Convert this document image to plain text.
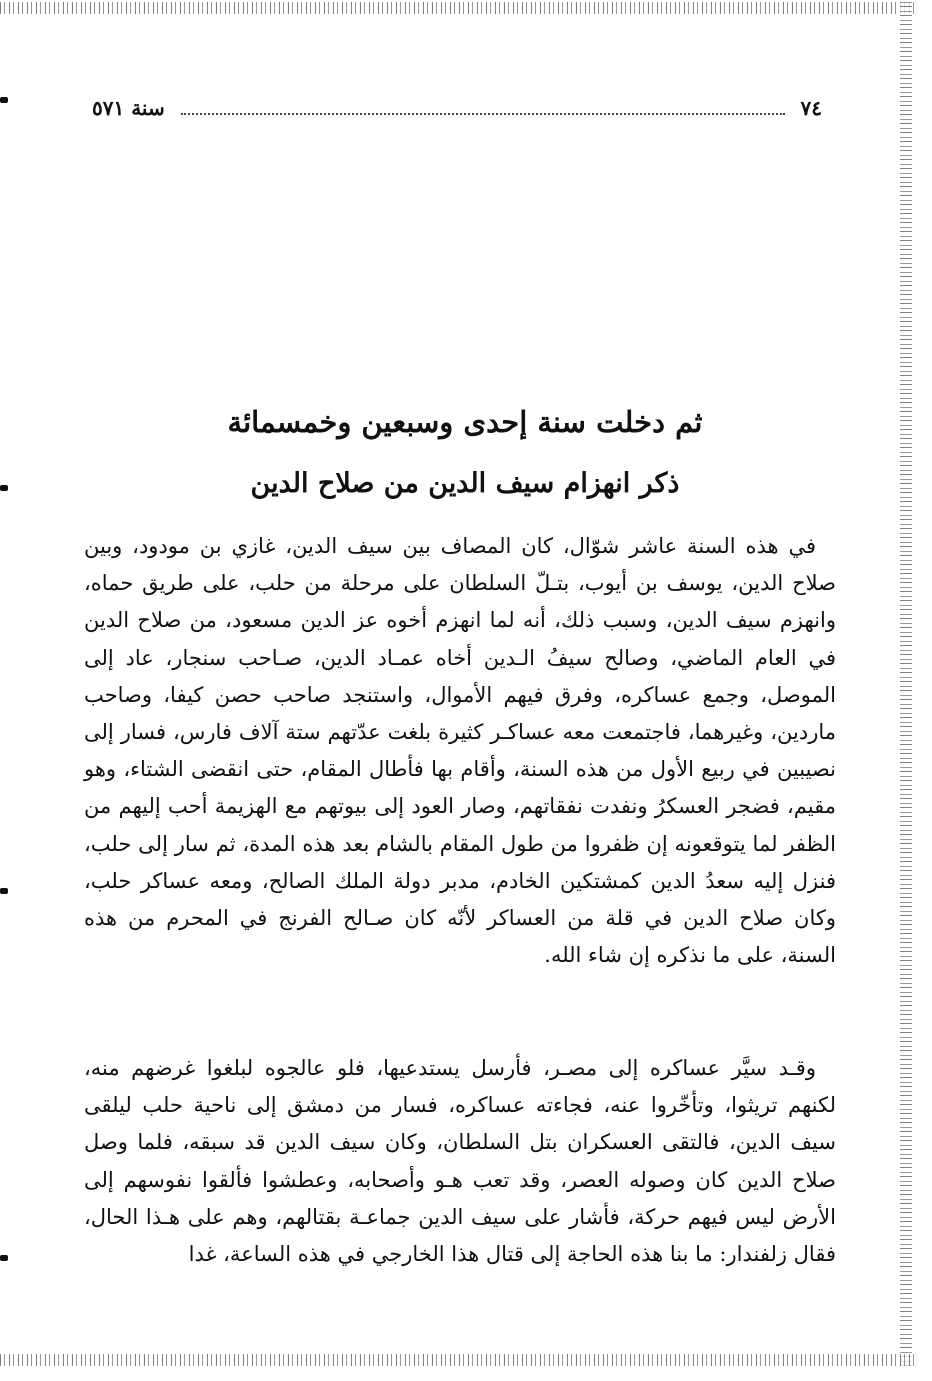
٧٤
سنة ٥٧١
ثم دخلت سنة إحدى وسبعين وخمسمائة
ذكر انهزام سيف الدين من صلاح الدين

في هذه السنة عاشر شوّال، كان المصاف بين سيف الدين، غازي بن مودود، وبين صلاح الدين، يوسف بن أيوب، بتـلّ السلطان على مرحلة من حلب، على طريق حماه، وانهزم سيف الدين، وسبب ذلك، أنه لما انهزم أخوه عز الدين مسعود، من صلاح الدين في العام الماضي، وصالح سيفُ الـدين أخاه عمـاد الدين، صـاحب سنجار، عاد إلى الموصل، وجمع عساكره، وفرق فيهم الأموال، واستنجد صاحب حصن كيفا، وصاحب ماردين، وغيرهما، فاجتمعت معه عساكـر كثيرة بلغت عدّتهم ستة آلاف فارس، فسار إلى نصيبين في ربيع الأول من هذه السنة، وأقام بها فأطال المقام، حتى انقضى الشتاء، وهو مقيم، فضجر العسكرُ ونفدت نفقاتهم، وصار العود إلى بيوتهم مع الهزيمة أحب إليهم من الظفر لما يتوقعونه إن ظفروا من طول المقام بالشام بعد هذه المدة، ثم سار إلى حلب، فنزل إليه سعدُ الدين كمشتكين الخادم، مدبر دولة الملك الصالح، ومعه عساكر حلب، وكان صلاح الدين في قلة من العساكر لأنّه كان صـالح الفرنج في المحرم من هذه السنة، على ما نذكره إن شاء الله.

وقـد سيَّر عساكره إلى مصـر، فأرسل يستدعيها، فلو عالجوه لبلغوا غرضهم منه، لكنهم تريثوا، وتأخّروا عنه، فجاءته عساكره، فسار من دمشق إلى ناحية حلب ليلقى سيف الدين، فالتقى العسكران بتل السلطان، وكان سيف الدين قد سبقه، فلما وصل صلاح الدين كان وصوله العصر، وقد تعب هـو وأصحابه، وعطشوا فألقوا نفوسهم إلى الأرض ليس فيهم حركة، فأشار على سيف الدين جماعـة بقتالهم، وهم على هـذا الحال، فقال زلفندار: ما بنا هذه الحاجة إلى قتال هذا الخارجي في هذه الساعة، غدا
